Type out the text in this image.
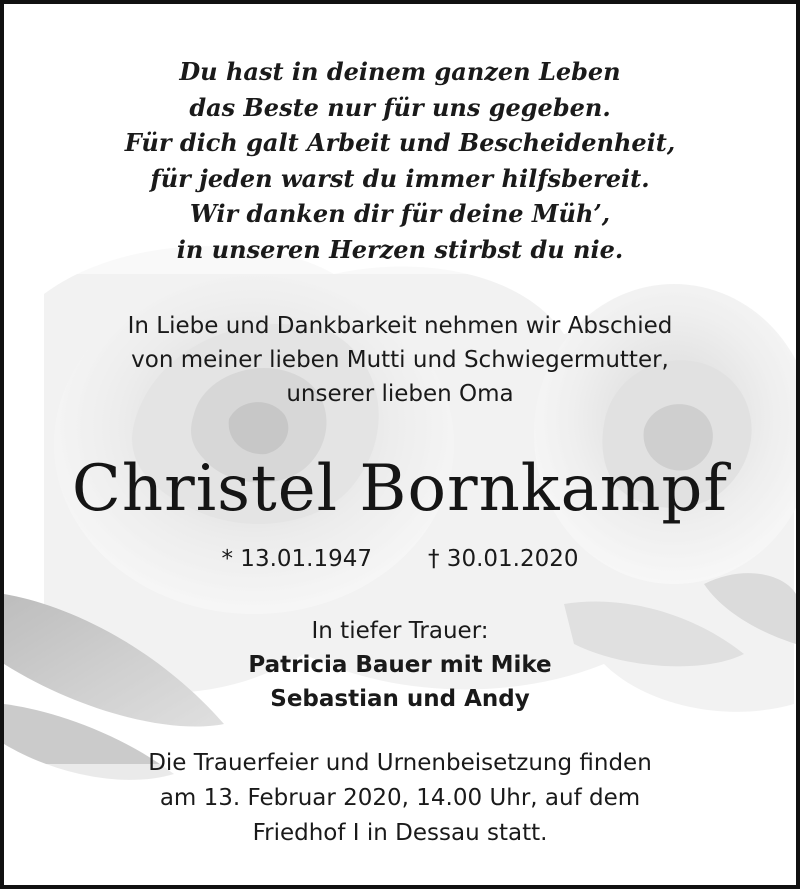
Du hast in deinem ganzen Leben
das Beste nur für uns gegeben.
Für dich galt Arbeit und Bescheidenheit,
für jeden warst du immer hilfsbereit.
Wir danken dir für deine Müh’,
in unseren Herzen stirbst du nie.
In Liebe und Dankbarkeit nehmen wir Abschied
von meiner lieben Mutti und Schwiegermutter,
unserer lieben Oma
Christel Bornkampf
* 13.01.1947 † 30.01.2020
In tiefer Trauer:
Patricia Bauer mit Mike
Sebastian und Andy
Die Trauerfeier und Urnenbeisetzung finden
am 13. Februar 2020, 14.00 Uhr, auf dem
Friedhof I in Dessau statt.
